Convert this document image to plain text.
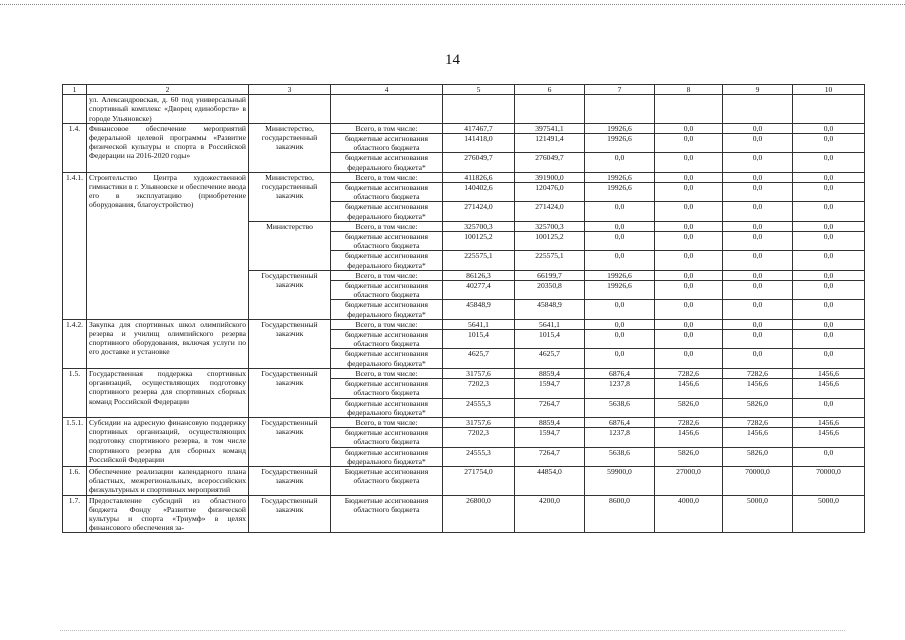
14
1	2	3	4	5	6	7	8	9	10
	ул. Александровская, д. 60 под универсальный спортивный комплекс «Дворец единоборств» в городе Ульяновске)								
1.4.	Финансовое обеспечение мероприятий федеральной целевой программы «Развитие физической культуры и спорта в Российской Федерации на 2016-2020 годы»	Министерство, государственный заказчик	Всего, в том числе:	417467,7	397541,1	19926,6	0,0	0,0	0,0
			бюджетные ассигнования областного бюджета	141418,0	121491,4	19926,6	0,0	0,0	0,0
			бюджетные ассигнования федерального бюджета*	276049,7	276049,7	0,0	0,0	0,0	0,0
1.4.1.	Строительство Центра художественной гимнастики в г. Ульяновске и обеспечение ввода его в эксплуатацию (приобретение оборудования, благоустройство)	Министерство, государственный заказчик	Всего, в том числе:	411826,6	391900,0	19926,6	0,0	0,0	0,0
			бюджетные ассигнования областного бюджета	140402,6	120476,0	19926,6	0,0	0,0	0,0
			бюджетные ассигнования федерального бюджета*	271424,0	271424,0	0,0	0,0	0,0	0,0
		Министерство	Всего, в том числе:	325700,3	325700,3	0,0	0,0	0,0	0,0
			бюджетные ассигнования областного бюджета	100125,2	100125,2	0,0	0,0	0,0	0,0
			бюджетные ассигнования федерального бюджета*	225575,1	225575,1	0,0	0,0	0,0	0,0
		Государственный заказчик	Всего, в том числе:	86126,3	66199,7	19926,6	0,0	0,0	0,0
			бюджетные ассигнования областного бюджета	40277,4	20350,8	19926,6	0,0	0,0	0,0
			бюджетные ассигнования федерального бюджета*	45848,9	45848,9	0,0	0,0	0,0	0,0
1.4.2.	Закупка для спортивных школ олимпийского резерва и училищ олимпийского резерва спортивного оборудования, включая услуги по его доставке и установке	Государственный заказчик	Всего, в том числе:	5641,1	5641,1	0,0	0,0	0,0	0,0
			бюджетные ассигнования областного бюджета	1015,4	1015,4	0,0	0,0	0,0	0,0
			бюджетные ассигнования федерального бюджета*	4625,7	4625,7	0,0	0,0	0,0	0,0
1.5.	Государственная поддержка спортивных организаций, осуществляющих подготовку спортивного резерва для спортивных сборных команд Российской Федерации	Государственный заказчик	Всего, в том числе:	31757,6	8859,4	6876,4	7282,6	7282,6	1456,6
			бюджетные ассигнования областного бюджета	7202,3	1594,7	1237,8	1456,6	1456,6	1456,6
			бюджетные ассигнования федерального бюджета*	24555,3	7264,7	5638,6	5826,0	5826,0	0,0
1.5.1.	Субсидии на адресную финансовую поддержку спортивных организаций, осуществляющих подготовку спортивного резерва, в том числе спортивного резерва для сборных команд Российской Федерации	Государственный заказчик	Всего, в том числе:	31757,6	8859,4	6876,4	7282,6	7282,6	1456,6
			бюджетные ассигнования областного бюджета	7202,3	1594,7	1237,8	1456,6	1456,6	1456,6
			бюджетные ассигнования федерального бюджета*	24555,3	7264,7	5638,6	5826,0	5826,0	0,0
1.6.	Обеспечение реализации календарного плана областных, межрегиональных, всероссийских физкультурных и спортивных мероприятий	Государственный заказчик	Бюджетные ассигнования областного бюджета	271754,0	44854,0	59900,0	27000,0	70000,0	70000,0
1.7.	Предоставление субсидий из областного бюджета Фонду «Развитие физической культуры и спорта «Триумф» в целях финансового обеспечения за-	Государственный заказчик	Бюджетные ассигнования областного бюджета	26800,0	4200,0	8600,0	4000,0	5000,0	5000,0
